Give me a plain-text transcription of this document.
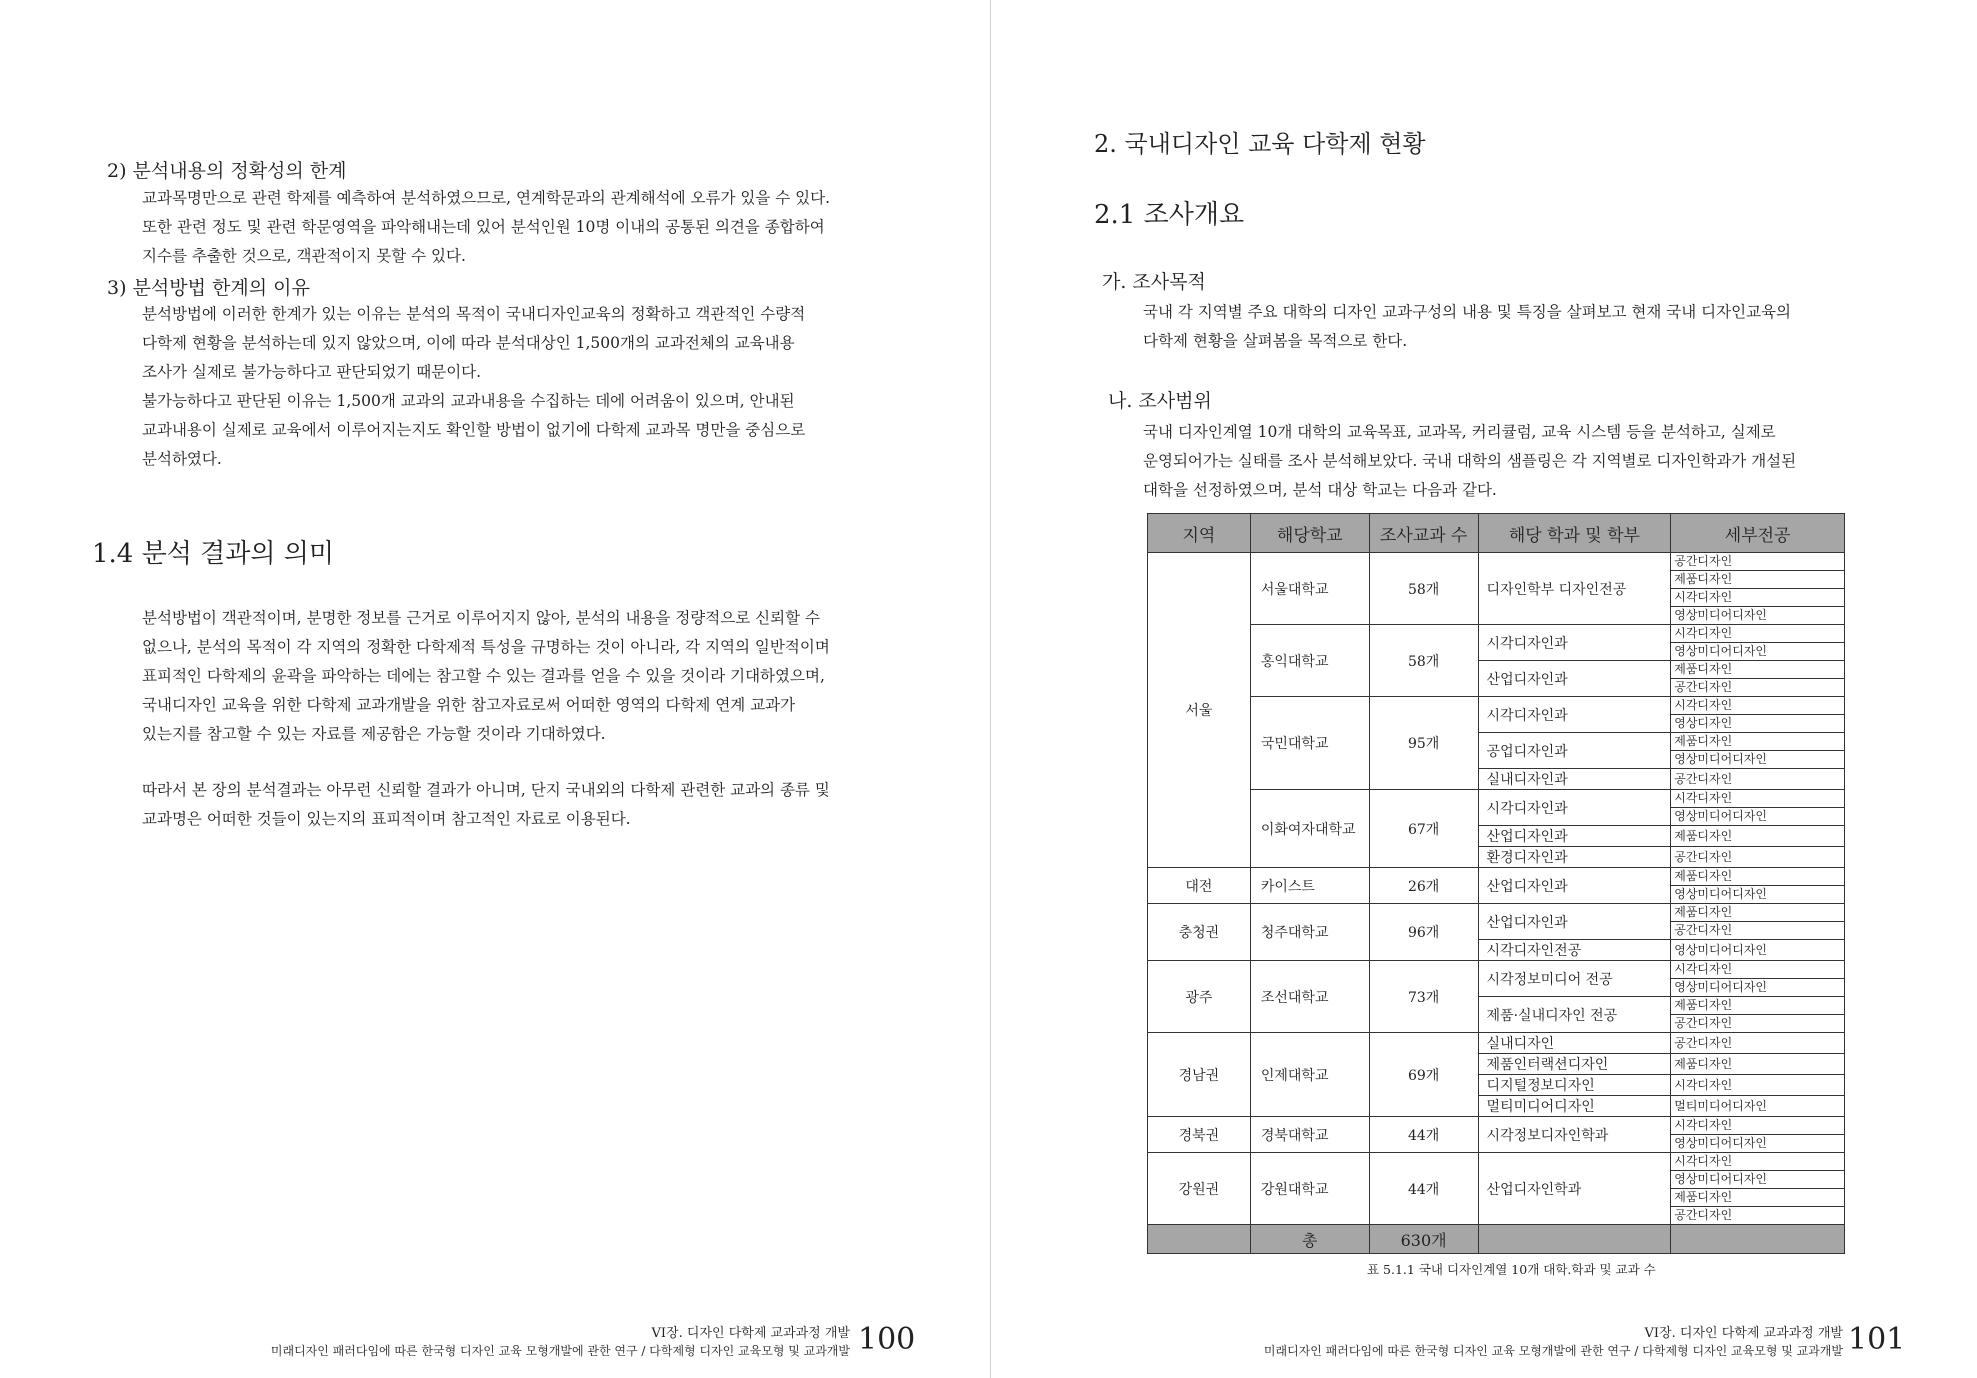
2) 분석내용의 정확성의 한계

교과목명만으로 관련 학제를 예측하여 분석하였으므로, 연계학문과의 관계해석에 오류가 있을 수 있다.

또한 관련 정도 및 관련 학문영역을 파악해내는데 있어 분석인원 10명 이내의 공통된 의견을 종합하여

지수를 추출한 것으로, 객관적이지 못할 수 있다.

3) 분석방법 한계의 이유

분석방법에 이러한 한계가 있는 이유는 분석의 목적이 국내디자인교육의 정확하고 객관적인 수량적

다학제 현황을 분석하는데 있지 않았으며, 이에 따라 분석대상인 1,500개의 교과전체의 교육내용

조사가 실제로 불가능하다고 판단되었기 때문이다.

불가능하다고 판단된 이유는 1,500개 교과의 교과내용을 수집하는 데에 어려움이 있으며, 안내된

교과내용이 실제로 교육에서 이루어지는지도 확인할 방법이 없기에 다학제 교과목 명만을 중심으로

분석하였다.

1.4 분석 결과의 의미

분석방법이 객관적이며, 분명한 정보를 근거로 이루어지지 않아, 분석의 내용을 정량적으로 신뢰할 수

없으나, 분석의 목적이 각 지역의 정확한 다학제적 특성을 규명하는 것이 아니라, 각 지역의 일반적이며

표피적인 다학제의 윤곽을 파악하는 데에는 참고할 수 있는 결과를 얻을 수 있을 것이라 기대하였으며,

국내디자인 교육을 위한 다학제 교과개발을 위한 참고자료로써 어떠한 영역의 다학제 연계 교과가

있는지를 참고할 수 있는 자료를 제공함은 가능할 것이라 기대하였다.

따라서 본 장의 분석결과는 아무런 신뢰할 결과가 아니며, 단지 국내외의 다학제 관련한 교과의 종류 및

교과명은 어떠한 것들이 있는지의 표피적이며 참고적인 자료로 이용된다.

VI장. 디자인 다학제 교과과정 개발
미래디자인 패러다임에 따른 한국형 디자인 교육 모형개발에 관한 연구 / 다학제형 디자인 교육모형 및 교과개발 100
2. 국내디자인 교육 다학제 현황
2.1 조사개요
가. 조사목적

국내 각 지역별 주요 대학의 디자인 교과구성의 내용 및 특징을 살펴보고 현재 국내 디자인교육의

다학제 현황을 살펴봄을 목적으로 한다.

나. 조사범위

국내 디자인계열 10개 대학의 교육목표, 교과목, 커리큘럼, 교육 시스템 등을 분석하고, 실제로

운영되어가는 실태를 조사 분석해보았다. 국내 대학의 샘플링은 각 지역별로 디자인학과가 개설된

대학을 선정하였으며, 분석 대상 학교는 다음과 같다.

지역	해당학교	조사교과 수	해당 학과 및 학부	세부전공
서울	서울대학교	58개	디자인학부 디자인전공	공간디자인
				제품디자인
				시각디자인
				영상미디어디자인
	홍익대학교	58개	시각디자인과	시각디자인
				영상미디어디자인
			산업디자인과	제품디자인
				공간디자인
	국민대학교	95개	시각디자인과	시각디자인
				영상디자인
			공업디자인과	제품디자인
				영상미디어디자인
			실내디자인과	공간디자인
	이화여자대학교	67개	시각디자인과	시각디자인
				영상미디어디자인
			산업디자인과	제품디자인
			환경디자인과	공간디자인
대전	카이스트	26개	산업디자인과	제품디자인
				영상미디어디자인
충청권	청주대학교	96개	산업디자인과	제품디자인
				공간디자인
			시각디자인전공	영상미디어디자인
광주	조선대학교	73개	시각정보미디어 전공	시각디자인
				영상미디어디자인
			제품·실내디자인 전공	제품디자인
				공간디자인
경남권	인제대학교	69개	실내디자인	공간디자인
			제품인터랙션디자인	제품디자인
			디지털정보디자인	시각디자인
			멀티미디어디자인	멀티미디어디자인
경북권	경북대학교	44개	시각정보디자인학과	시각디자인
				영상미디어디자인
강원권	강원대학교	44개	산업디자인학과	시각디자인
				영상미디어디자인
				제품디자인
				공간디자인
	총	630개		
표 5.1.1 국내 디자인계열 10개 대학.학과 및 교과 수
VI장. 디자인 다학제 교과과정 개발
미래디자인 패러다임에 따른 한국형 디자인 교육 모형개발에 관한 연구 / 다학제형 디자인 교육모형 및 교과개발 101
